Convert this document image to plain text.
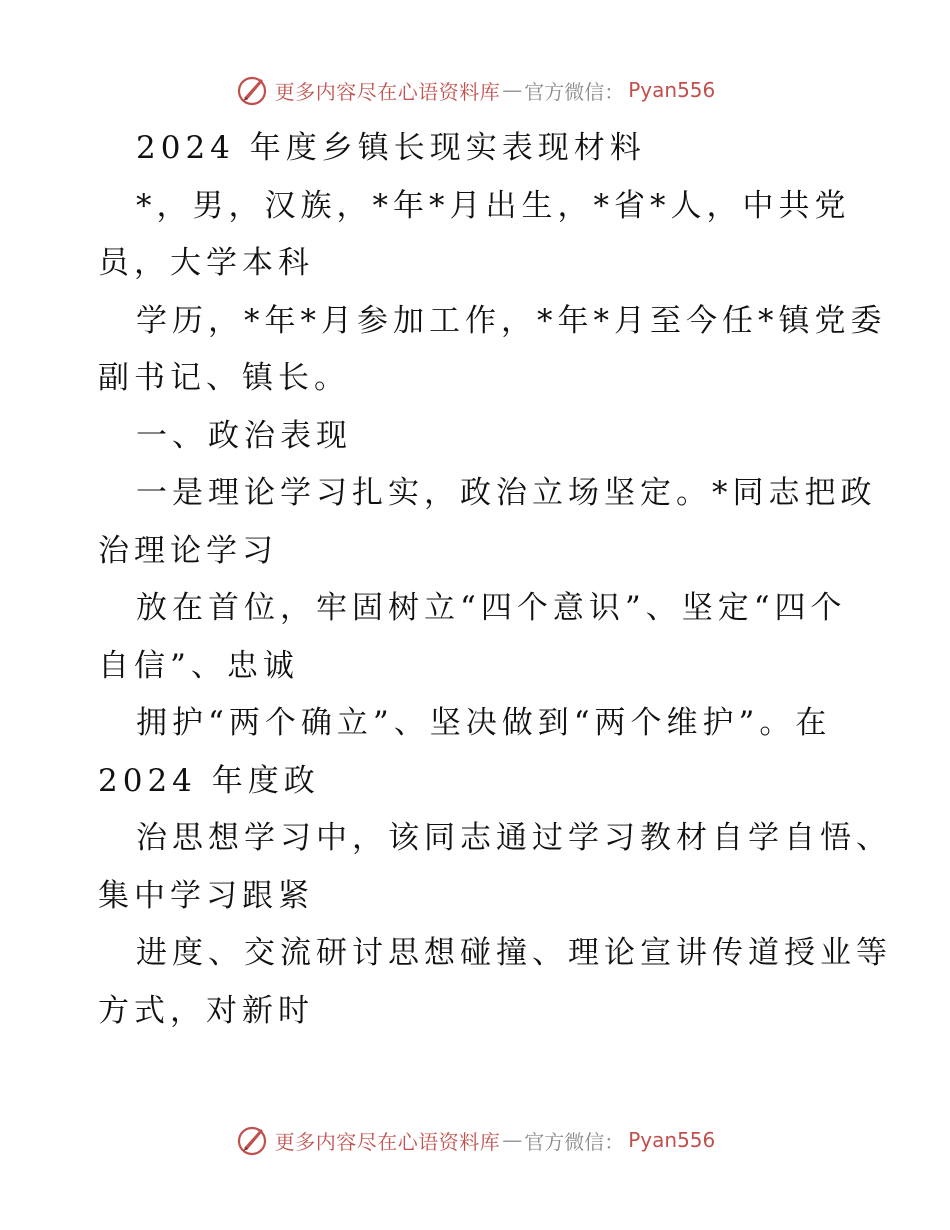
更多内容尽在心语资料库 — 官方微信： Pyan556
2024 年度乡镇长现实表现材料
*，男，汉族，*年*月出生，*省*人，中共党
员，大学本科
学历，*年*月参加工作，*年*月至今任*镇党委
副书记、镇长。
一、政治表现
一是理论学习扎实，政治立场坚定。*同志把政
治理论学习
放在首位，牢固树立“四个意识”、坚定“四个
自信”、忠诚
拥护“两个确立”、坚决做到“两个维护”。在
2024 年度政
治思想学习中，该同志通过学习教材自学自悟、
集中学习跟紧
进度、交流研讨思想碰撞、理论宣讲传道授业等
方式，对新时
更多内容尽在心语资料库 — 官方微信： Pyan556
